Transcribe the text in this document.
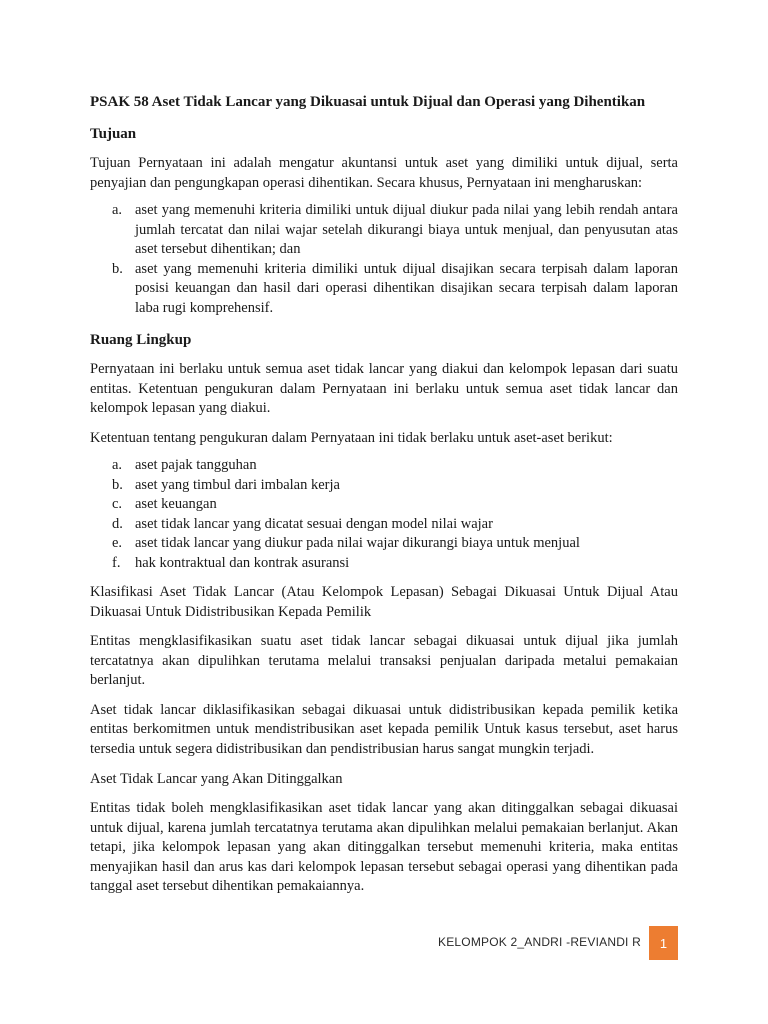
PSAK 58 Aset Tidak Lancar yang Dikuasai untuk Dijual dan Operasi yang Dihentikan
Tujuan

Tujuan Pernyataan ini adalah mengatur akuntansi untuk aset yang dimiliki untuk dijual, serta penyajian dan pengungkapan operasi dihentikan. Secara khusus, Pernyataan ini mengharuskan:

a. aset yang memenuhi kriteria dimiliki untuk dijual diukur pada nilai yang lebih rendah antara jumlah tercatat dan nilai wajar setelah dikurangi biaya untuk menjual, dan penyusutan atas aset tersebut dihentikan; dan
b. aset yang memenuhi kriteria dimiliki untuk dijual disajikan secara terpisah dalam laporan posisi keuangan dan hasil dari operasi dihentikan disajikan secara terpisah dalam laporan laba rugi komprehensif.
Ruang Lingkup

Pernyataan ini berlaku untuk semua aset tidak lancar yang diakui dan kelompok lepasan dari suatu entitas. Ketentuan pengukuran dalam Pernyataan ini berlaku untuk semua aset tidak lancar dan kelompok lepasan yang diakui.

Ketentuan tentang pengukuran dalam Pernyataan ini tidak berlaku untuk aset-aset berikut:

a. aset pajak tangguhan
b. aset yang timbul dari imbalan kerja
c. aset keuangan
d. aset tidak lancar yang dicatat sesuai dengan model nilai wajar
e. aset tidak lancar yang diukur pada nilai wajar dikurangi biaya untuk menjual
f. hak kontraktual dan kontrak asuransi

Klasifikasi Aset Tidak Lancar (Atau Kelompok Lepasan) Sebagai Dikuasai Untuk Dijual Atau Dikuasai Untuk Didistribusikan Kepada Pemilik

Entitas mengklasifikasikan suatu aset tidak lancar sebagai dikuasai untuk dijual jika jumlah tercatatnya akan dipulihkan terutama melalui transaksi penjualan daripada metalui pemakaian berlanjut.

Aset tidak lancar diklasifikasikan sebagai dikuasai untuk didistribusikan kepada pemilik ketika entitas berkomitmen untuk mendistribusikan aset kepada pemilik Untuk kasus tersebut, aset harus tersedia untuk segera didistribusikan dan pendistribusian harus sangat mungkin terjadi.

Aset Tidak Lancar yang Akan Ditinggalkan

Entitas tidak boleh mengklasifikasikan aset tidak lancar yang akan ditinggalkan sebagai dikuasai untuk dijual, karena jumlah tercatatnya terutama akan dipulihkan melalui pemakaian berlanjut. Akan tetapi, jika kelompok lepasan yang akan ditinggalkan tersebut memenuhi kriteria, maka entitas menyajikan hasil dan arus kas dari kelompok lepasan tersebut sebagai operasi yang dihentikan pada tanggal aset tersebut dihentikan pemakaiannya.

KELOMPOK 2_ANDRI -REVIANDI R	1
